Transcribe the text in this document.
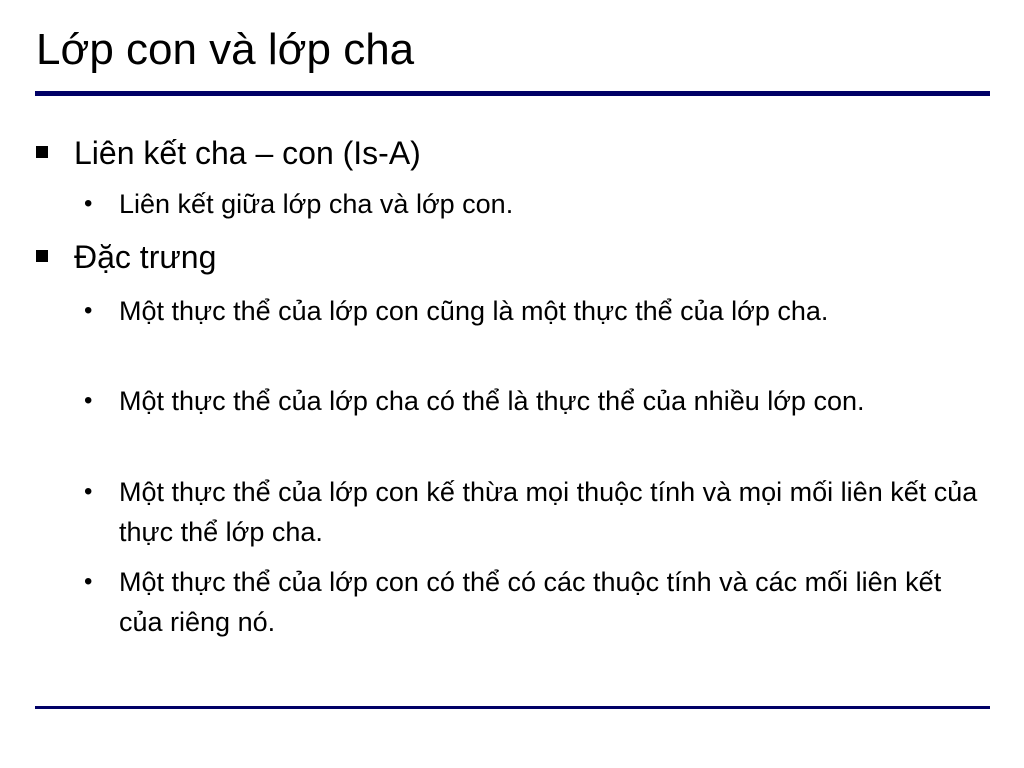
Lớp con và lớp cha
Liên kết cha – con (Is-A)
• Liên kết giữa lớp cha và lớp con.
Đặc trưng
• Một thực thể của lớp con cũng là một thực thể của lớp cha.
• Một thực thể của lớp cha có thể là thực thể của nhiều lớp con.
• Một thực thể của lớp con kế thừa mọi thuộc tính và mọi mối liên kết của thực thể lớp cha.
• Một thực thể của lớp con có thể có các thuộc tính và các mối liên kết của riêng nó.
